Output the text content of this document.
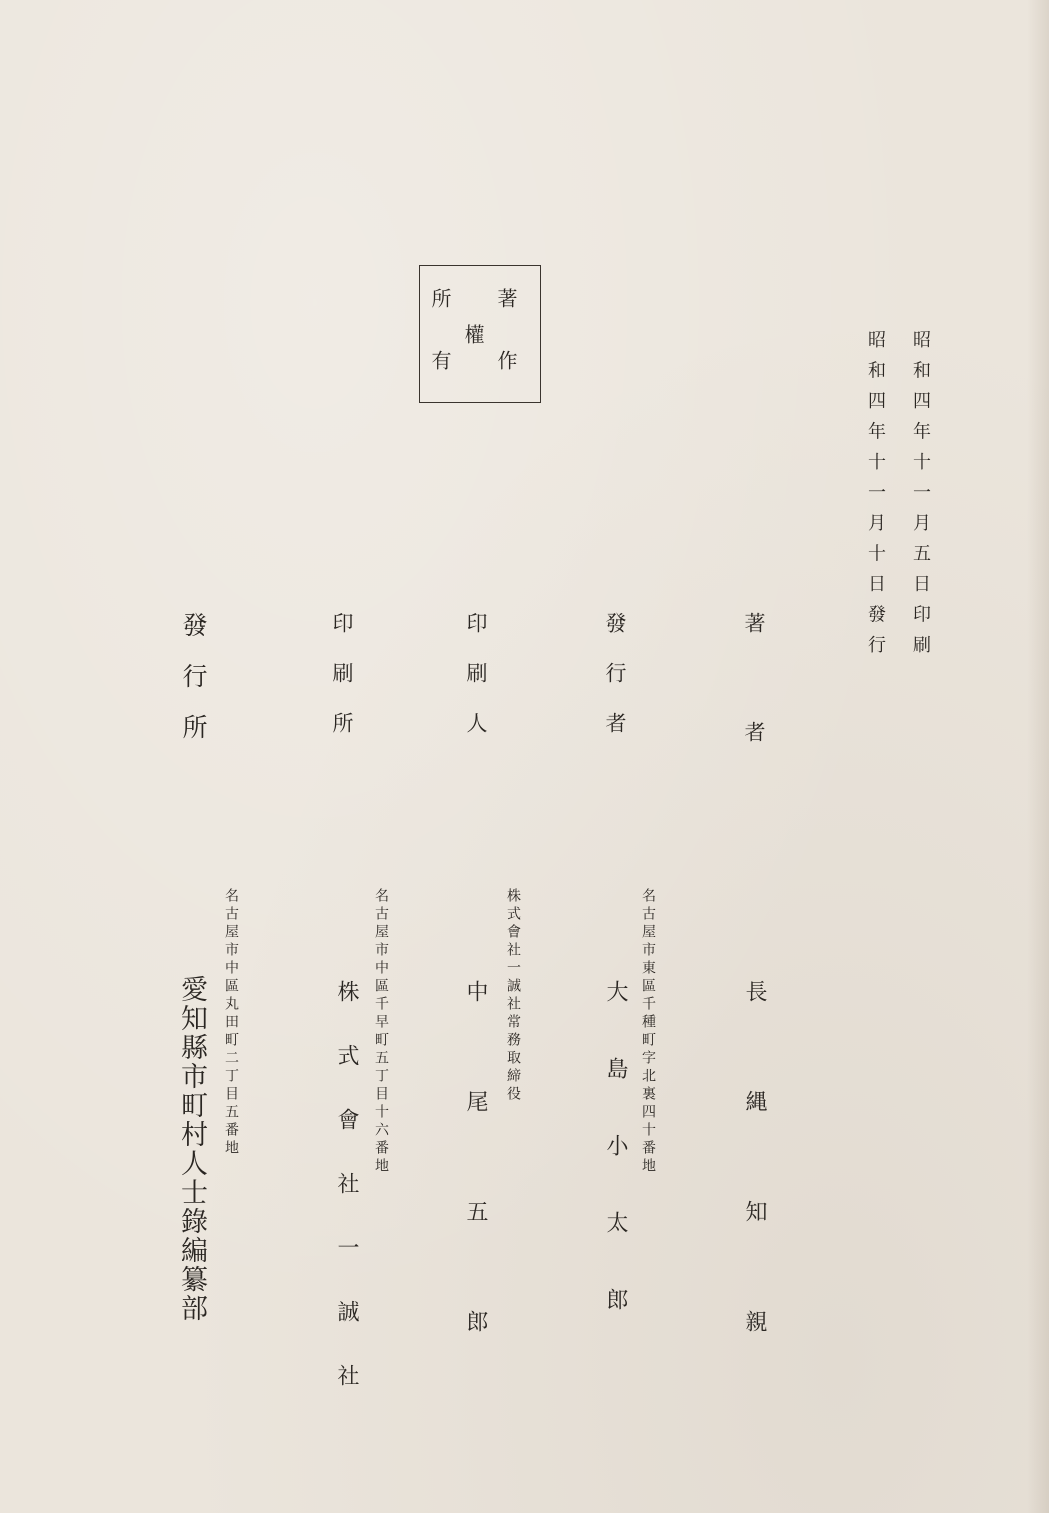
著作
權
所有	昭和四年十一月五日印刷
昭和四年十一月十日發行
著者
長縄知親
發行者
名古屋市東區千種町字北裏四十番地
大島小太郎
印刷人
株式會社一誠社常務取締役
中尾五郎
印刷所
名古屋市中區千早町五丁目十六番地
株式會社一誠社
發行所
名古屋市中區丸田町二丁目五番地
愛知縣市町村人士錄編纂部
